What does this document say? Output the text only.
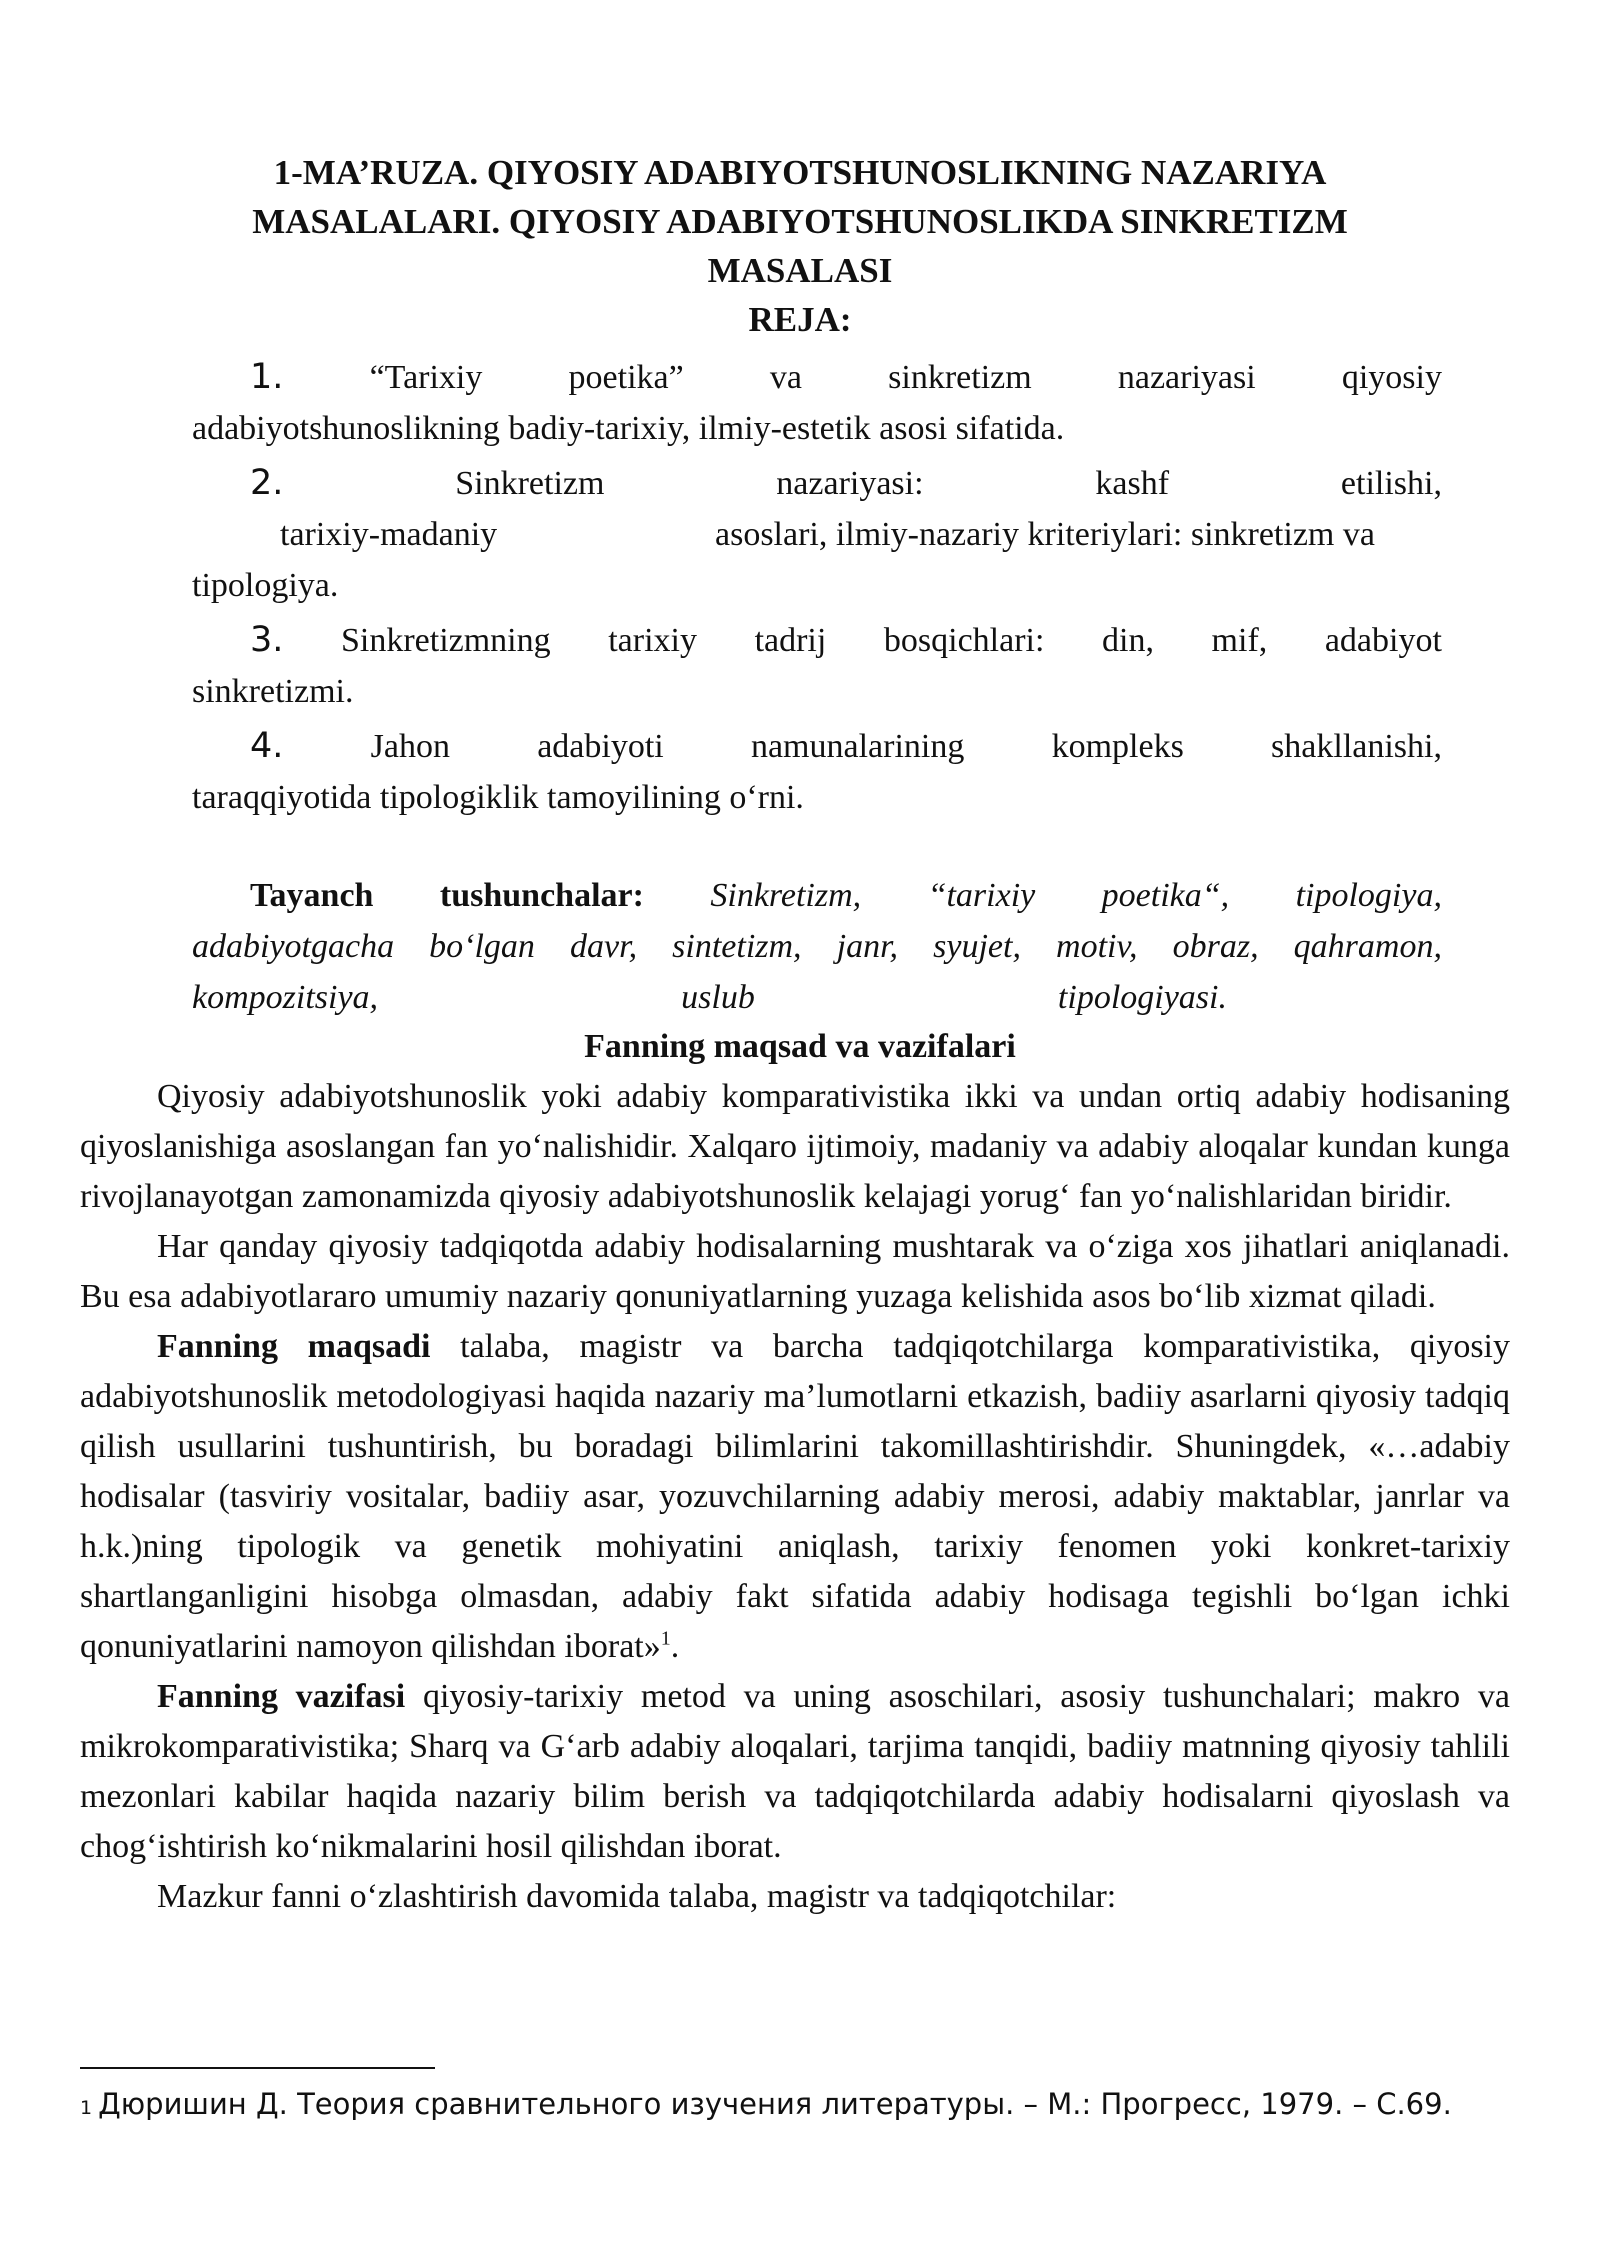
1-MA’RUZA. QIYOSIY ADABIYOTSHUNOSLIKNING NAZARIYA
MASALALARI. QIYOSIY ADABIYOTSHUNOSLIKDA SINKRETIZM
MASALASI
REJA:
1.	“Tarixiy	poetika”	va	sinkretizm	nazariyasi	qiyosiy
adabiyotshunoslikning badiy-tarixiy, ilmiy-estetik asosi sifatida.
2.	Sinkretizm	nazariyasi:	kashf	etilishi,
tarixiy-madaniy	asoslari, ilmiy-nazariy kriteriylari: sinkretizm va
tipologiya.
3. Sinkretizmning tarixiy tadrij bosqichlari: din, mif, adabiyot
sinkretizmi.
4.	Jahon	adabiyoti	namunalarining	kompleks	shakllanishi,
taraqqiyotida tipologiklik tamoyilining o‘rni.
Tayanch tushunchalar: Sinkretizm, “tarixiy poetika“, tipologiya,
adabiyotgacha bo‘lgan davr, sintetizm, janr, syujet, motiv, obraz, qahramon,
kompozitsiya,	uslub	tipologiyasi.
Fanning maqsad va vazifalari

Qiyosiy adabiyotshunoslik yoki adabiy komparativistika ikki va undan ortiq adabiy hodisaning qiyoslanishiga asoslangan fan yo‘nalishidir. Xalqaro ijtimoiy, madaniy va adabiy aloqalar kundan kunga rivojlanayotgan zamonamizda qiyosiy adabiyotshunoslik kelajagi yorug‘ fan yo‘nalishlaridan biridir.

Har qanday qiyosiy tadqiqotda adabiy hodisalarning mushtarak va o‘ziga xos jihatlari aniqlanadi. Bu esa adabiyotlararo umumiy nazariy qonuniyatlarning yuzaga kelishida asos bo‘lib xizmat qiladi.

Fanning maqsadi talaba, magistr va barcha tadqiqotchilarga komparativistika, qiyosiy adabiyotshunoslik metodologiyasi haqida nazariy ma’lumotlarni etkazish, badiiy asarlarni qiyosiy tadqiq qilish usullarini tushuntirish, bu boradagi bilimlarini takomillashtirishdir. Shuningdek, «…adabiy hodisalar (tasviriy vositalar, badiiy asar, yozuvchilarning adabiy merosi, adabiy maktablar, janrlar va h.k.)ning tipologik va genetik mohiyatini aniqlash, tarixiy fenomen yoki konkret-tarixiy shartlanganligini hisobga olmasdan, adabiy fakt sifatida adabiy hodisaga tegishli bo‘lgan ichki qonuniyatlarini namoyon qilishdan iborat»$^1$.

Fanning vazifasi qiyosiy-tarixiy metod va uning asoschilari, asosiy tushunchalari; makro va mikrokomparativistika; Sharq va G‘arb adabiy aloqalari, tarjima tanqidi, badiiy matnning qiyosiy tahlili mezonlari kabilar haqida nazariy bilim berish va tadqiqotchilarda adabiy hodisalarni qiyoslash va chog‘ishtirish ko‘nikmalarini hosil qilishdan iborat.

Mazkur fanni o‘zlashtirish davomida talaba, magistr va tadqiqotchilar:

1 Дюришин Д. Теория сравнительного изучения литературы. – М.: Прогресс, 1979. – С.69.
